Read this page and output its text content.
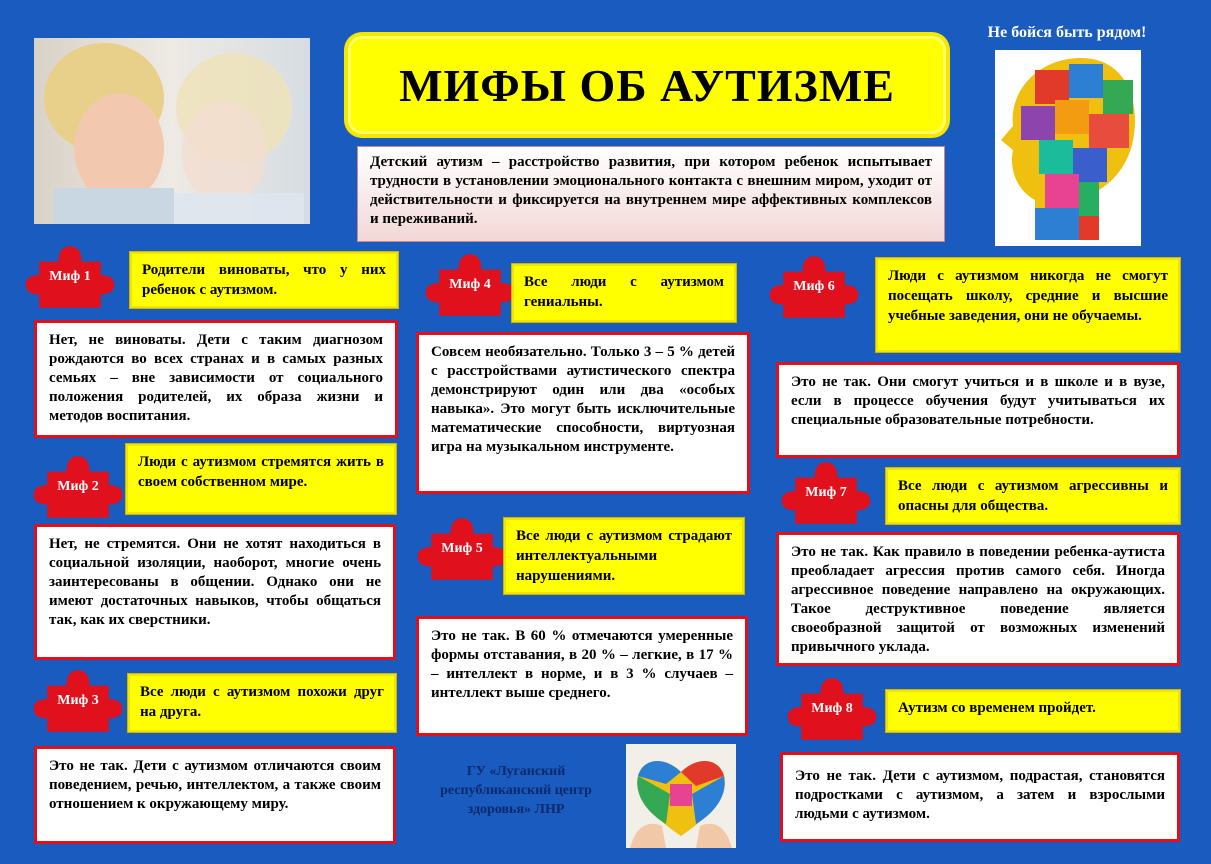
МИФЫ ОБ АУТИЗМЕ
Детский аутизм – расстройство развития, при котором ребенок испытывает трудности в установлении эмоционального контакта с внешним миром, уходит от действительности и фиксируется на внутреннем мире аффективных комплексов и переживаний.
Не бойся быть рядом!
Миф 1	Родители виноваты, что у них ребенок с аутизмом.
Нет, не виноваты. Дети с таким диагнозом рождаются во всех странах и в самых разных семьях – вне зависимости от социального положения родителей, их образа жизни и методов воспитания.
Миф 2
Люди с аутизмом стремятся жить в своем собственном мире.
Нет, не стремятся. Они не хотят находиться в социальной изоляции, наоборот, многие очень заинтересованы в общении. Однако они не имеют достаточных навыков, чтобы общаться так, как их сверстники.
Миф 3
Все люди с аутизмом похожи друг на друга.
Это не так. Дети с аутизмом отличаются своим поведением, речью, интеллектом, а также своим отношением к окружающему миру.
Миф 4	Все люди с аутизмом гениальны.
Совсем необязательно. Только 3 – 5 % детей с расстройствами аутистического спектра демонстрируют один или два «особых навыка». Это могут быть исключительные математические способности, виртуозная игра на музыкальном инструменте.
Миф 5
Все люди с аутизмом страдают интеллектуальными нарушениями.
Это не так. В 60 % отмечаются умеренные формы отставания, в 20 % – легкие, в 17 % – интеллект в норме, и в 3 % случаев – интеллект выше среднего.
ГУ «Луганский республиканский центр здоровья» ЛНР
Миф 6
Люди с аутизмом никогда не смогут посещать школу, средние и высшие учебные заведения, они не обучаемы.
Это не так. Они смогут учиться и в школе и в вузе, если в процессе обучения будут учитываться их специальные образовательные потребности.
Миф 7	Все люди с аутизмом агрессивны и опасны для общества.
Это не так. Как правило в поведении ребенка-аутиста преобладает агрессия против самого себя. Иногда агрессивное поведение направлено на окружающих. Такое деструктивное поведение является своеобразной защитой от возможных изменений привычного уклада.
Миф 8	Аутизм со временем пройдет.
Это не так. Дети с аутизмом, подрастая, становятся подростками с аутизмом, а затем и взрослыми людьми с аутизмом.
